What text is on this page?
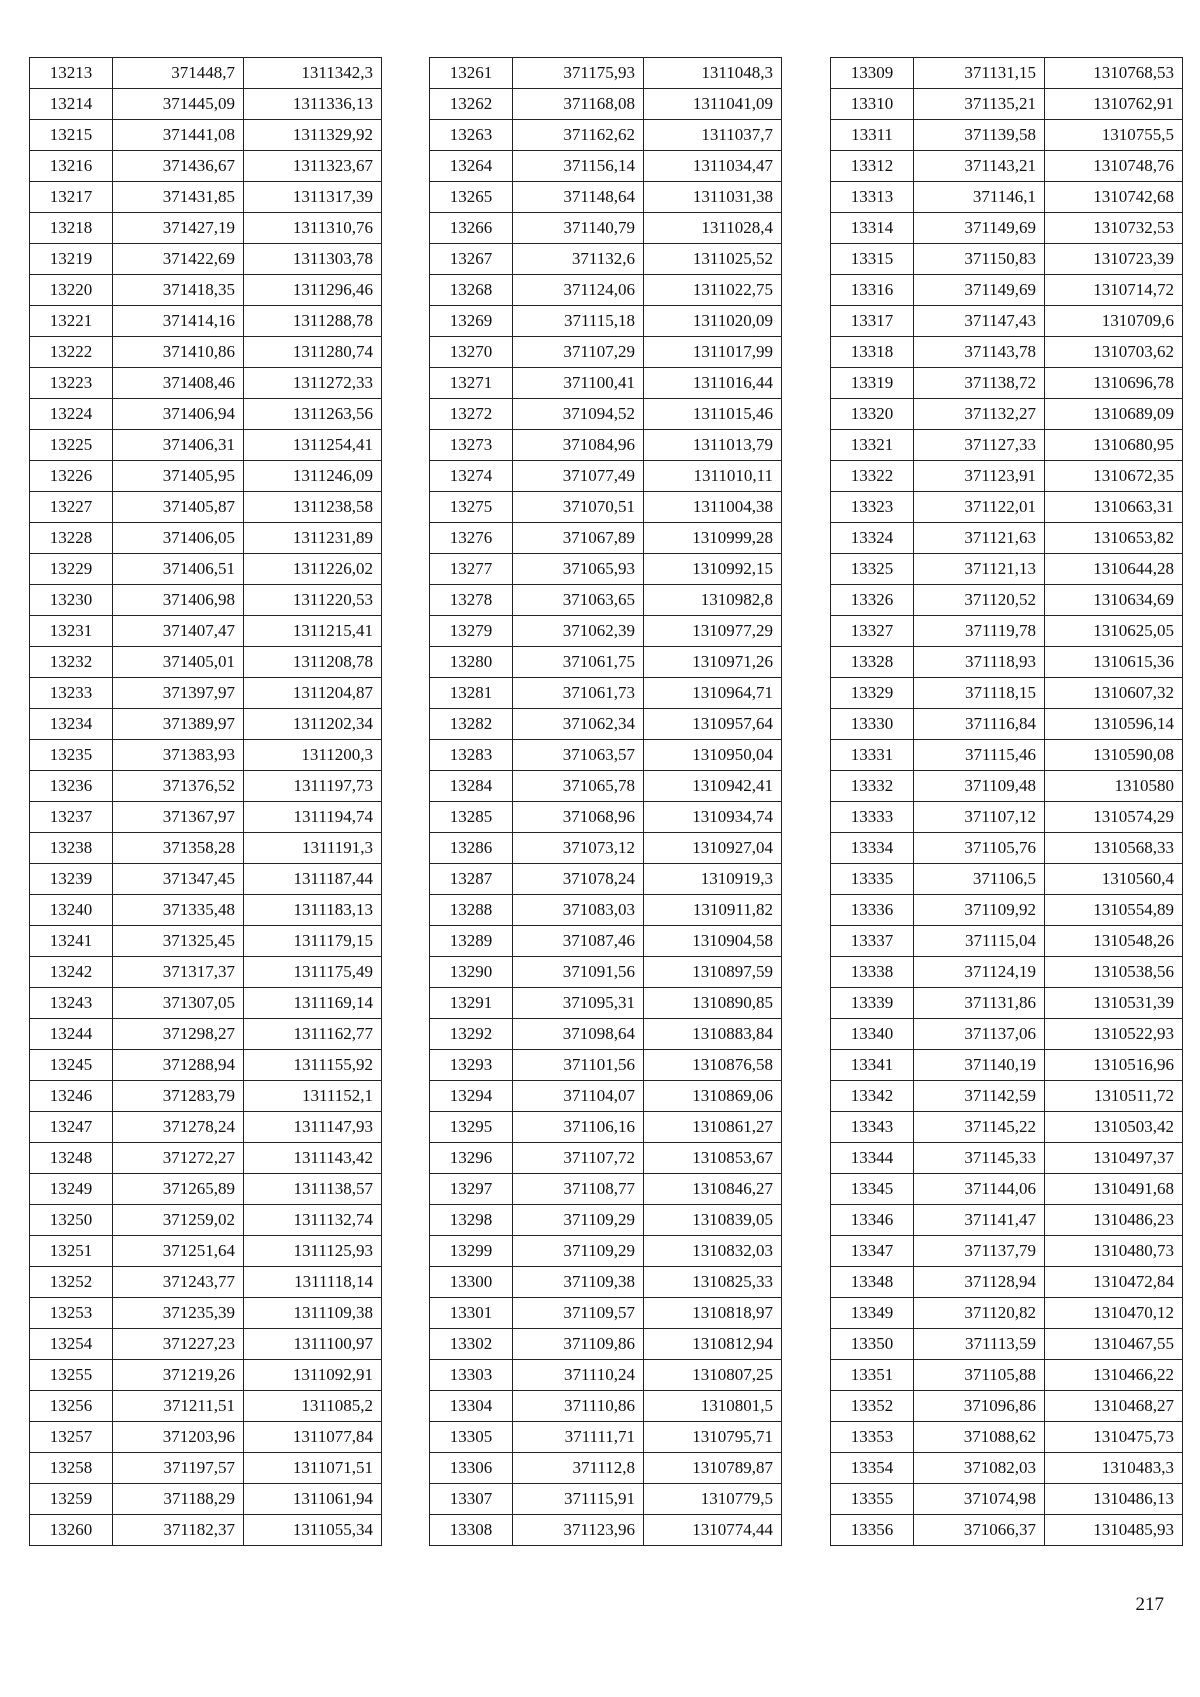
13213	371448,7	1311342,3
13214	371445,09	1311336,13
13215	371441,08	1311329,92
13216	371436,67	1311323,67
13217	371431,85	1311317,39
13218	371427,19	1311310,76
13219	371422,69	1311303,78
13220	371418,35	1311296,46
13221	371414,16	1311288,78
13222	371410,86	1311280,74
13223	371408,46	1311272,33
13224	371406,94	1311263,56
13225	371406,31	1311254,41
13226	371405,95	1311246,09
13227	371405,87	1311238,58
13228	371406,05	1311231,89
13229	371406,51	1311226,02
13230	371406,98	1311220,53
13231	371407,47	1311215,41
13232	371405,01	1311208,78
13233	371397,97	1311204,87
13234	371389,97	1311202,34
13235	371383,93	1311200,3
13236	371376,52	1311197,73
13237	371367,97	1311194,74
13238	371358,28	1311191,3
13239	371347,45	1311187,44
13240	371335,48	1311183,13
13241	371325,45	1311179,15
13242	371317,37	1311175,49
13243	371307,05	1311169,14
13244	371298,27	1311162,77
13245	371288,94	1311155,92
13246	371283,79	1311152,1
13247	371278,24	1311147,93
13248	371272,27	1311143,42
13249	371265,89	1311138,57
13250	371259,02	1311132,74
13251	371251,64	1311125,93
13252	371243,77	1311118,14
13253	371235,39	1311109,38
13254	371227,23	1311100,97
13255	371219,26	1311092,91
13256	371211,51	1311085,2
13257	371203,96	1311077,84
13258	371197,57	1311071,51
13259	371188,29	1311061,94
13260	371182,37	1311055,34
13261	371175,93	1311048,3
13262	371168,08	1311041,09
13263	371162,62	1311037,7
13264	371156,14	1311034,47
13265	371148,64	1311031,38
13266	371140,79	1311028,4
13267	371132,6	1311025,52
13268	371124,06	1311022,75
13269	371115,18	1311020,09
13270	371107,29	1311017,99
13271	371100,41	1311016,44
13272	371094,52	1311015,46
13273	371084,96	1311013,79
13274	371077,49	1311010,11
13275	371070,51	1311004,38
13276	371067,89	1310999,28
13277	371065,93	1310992,15
13278	371063,65	1310982,8
13279	371062,39	1310977,29
13280	371061,75	1310971,26
13281	371061,73	1310964,71
13282	371062,34	1310957,64
13283	371063,57	1310950,04
13284	371065,78	1310942,41
13285	371068,96	1310934,74
13286	371073,12	1310927,04
13287	371078,24	1310919,3
13288	371083,03	1310911,82
13289	371087,46	1310904,58
13290	371091,56	1310897,59
13291	371095,31	1310890,85
13292	371098,64	1310883,84
13293	371101,56	1310876,58
13294	371104,07	1310869,06
13295	371106,16	1310861,27
13296	371107,72	1310853,67
13297	371108,77	1310846,27
13298	371109,29	1310839,05
13299	371109,29	1310832,03
13300	371109,38	1310825,33
13301	371109,57	1310818,97
13302	371109,86	1310812,94
13303	371110,24	1310807,25
13304	371110,86	1310801,5
13305	371111,71	1310795,71
13306	371112,8	1310789,87
13307	371115,91	1310779,5
13308	371123,96	1310774,44
13309	371131,15	1310768,53
13310	371135,21	1310762,91
13311	371139,58	1310755,5
13312	371143,21	1310748,76
13313	371146,1	1310742,68
13314	371149,69	1310732,53
13315	371150,83	1310723,39
13316	371149,69	1310714,72
13317	371147,43	1310709,6
13318	371143,78	1310703,62
13319	371138,72	1310696,78
13320	371132,27	1310689,09
13321	371127,33	1310680,95
13322	371123,91	1310672,35
13323	371122,01	1310663,31
13324	371121,63	1310653,82
13325	371121,13	1310644,28
13326	371120,52	1310634,69
13327	371119,78	1310625,05
13328	371118,93	1310615,36
13329	371118,15	1310607,32
13330	371116,84	1310596,14
13331	371115,46	1310590,08
13332	371109,48	1310580
13333	371107,12	1310574,29
13334	371105,76	1310568,33
13335	371106,5	1310560,4
13336	371109,92	1310554,89
13337	371115,04	1310548,26
13338	371124,19	1310538,56
13339	371131,86	1310531,39
13340	371137,06	1310522,93
13341	371140,19	1310516,96
13342	371142,59	1310511,72
13343	371145,22	1310503,42
13344	371145,33	1310497,37
13345	371144,06	1310491,68
13346	371141,47	1310486,23
13347	371137,79	1310480,73
13348	371128,94	1310472,84
13349	371120,82	1310470,12
13350	371113,59	1310467,55
13351	371105,88	1310466,22
13352	371096,86	1310468,27
13353	371088,62	1310475,73
13354	371082,03	1310483,3
13355	371074,98	1310486,13
13356	371066,37	1310485,93
217
